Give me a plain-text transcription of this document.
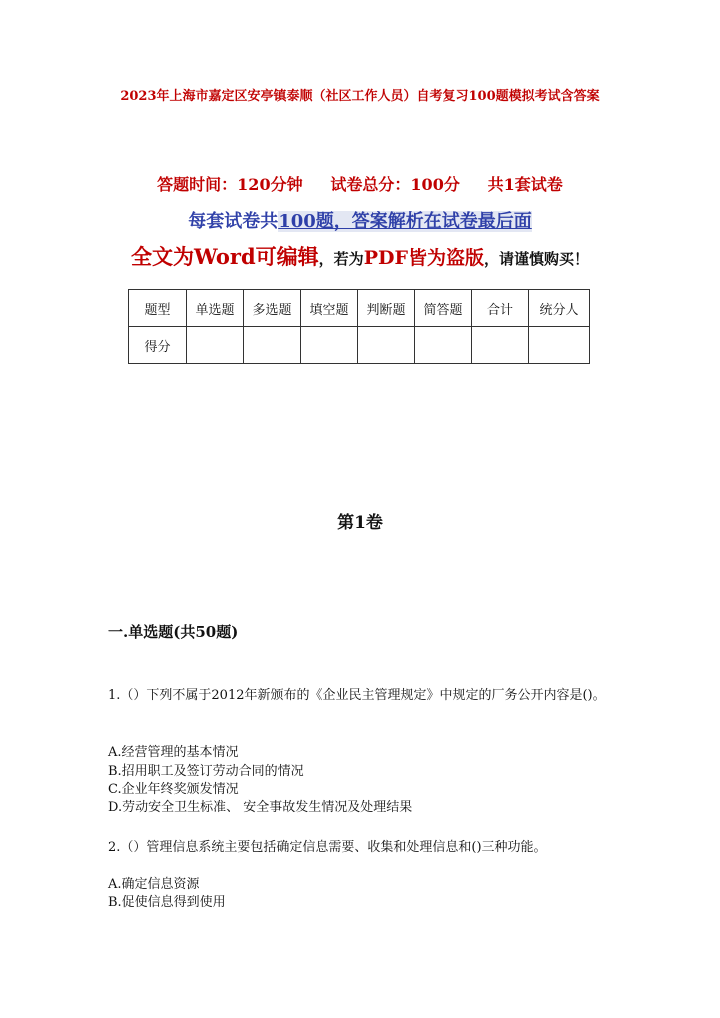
2023年上海市嘉定区安亭镇泰顺（社区工作人员）自考复习100题模拟考试含答案
答题时间：120分钟     试卷总分：100分     共1套试卷
每套试卷共100题，答案解析在试卷最后面
全文为Word可编辑，若为PDF皆为盗版，请谨慎购买！
题型	单选题	多选题	填空题	判断题	简答题	合计	统分人
得分							
第1卷
一.单选题(共50题)
1.（）下列不属于2012年新颁布的《企业民主管理规定》中规定的厂务公开内容是()。
A.经营管理的基本情况
B.招用职工及签订劳动合同的情况
C.企业年终奖颁发情况
D.劳动安全卫生标准、 安全事故发生情况及处理结果
2.（）管理信息系统主要包括确定信息需要、收集和处理信息和()三种功能。
A.确定信息资源
B.促使信息得到使用
